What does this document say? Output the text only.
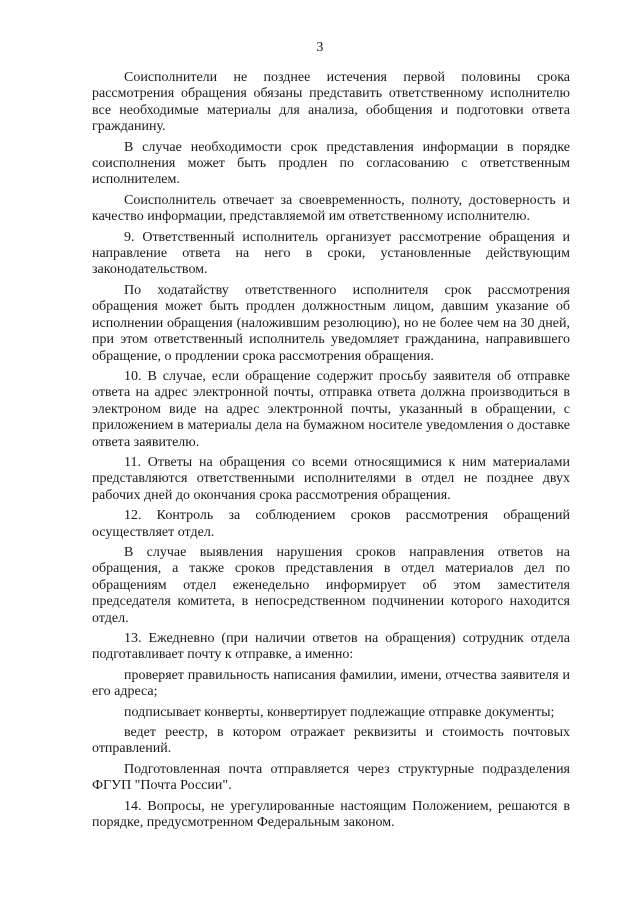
3

Соисполнители не позднее истечения первой половины срока рассмотрения обращения обязаны представить ответственному исполнителю все необходимые материалы для анализа, обобщения и подготовки ответа гражданину.

В случае необходимости срок представления информации в порядке соисполнения может быть продлен по согласованию с ответственным исполнителем.

Соисполнитель отвечает за своевременность, полноту, достоверность и качество информации, представляемой им ответственному исполнителю.

9. Ответственный исполнитель организует рассмотрение обращения и направление ответа на него в сроки, установленные действующим законодательством.

По ходатайству ответственного исполнителя срок рассмотрения обращения может быть продлен должностным лицом, давшим указание об исполнении обращения (наложившим резолюцию), но не более чем на 30 дней, при этом ответственный исполнитель уведомляет гражданина, направившего обращение, о продлении срока рассмотрения обращения.

10. В случае, если обращение содержит просьбу заявителя об отправке ответа на адрес электронной почты, отправка ответа должна производиться в электроном виде на адрес электронной почты, указанный в обращении, с приложением в материалы дела на бумажном носителе уведомления о доставке ответа заявителю.

11. Ответы на обращения со всеми относящимися к ним материалами представляются ответственными исполнителями в отдел не позднее двух рабочих дней до окончания срока рассмотрения обращения.

12. Контроль за соблюдением сроков рассмотрения обращений осуществляет отдел.

В случае выявления нарушения сроков направления ответов на обращения, а также сроков представления в отдел материалов дел по обращениям отдел еженедельно информирует об этом заместителя председателя комитета, в непосредственном подчинении которого находится отдел.

13. Ежедневно (при наличии ответов на обращения) сотрудник отдела подготавливает почту к отправке, а именно:

проверяет правильность написания фамилии, имени, отчества заявителя и его адреса;

подписывает конверты, конвертирует подлежащие отправке документы;

ведет реестр, в котором отражает реквизиты и стоимость почтовых отправлений.

Подготовленная почта отправляется через структурные подразделения ФГУП "Почта России".

14. Вопросы, не урегулированные настоящим Положением, решаются в порядке, предусмотренном Федеральным законом.
